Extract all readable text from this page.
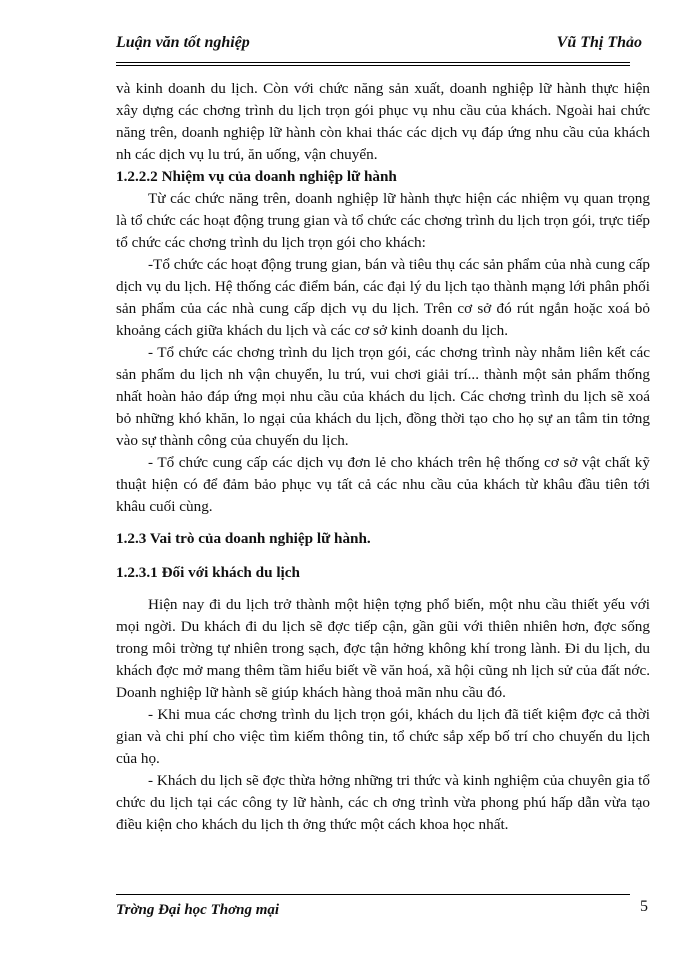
Luận văn tốt nghiệp	Vũ Thị Thảo

và kinh doanh du lịch. Còn với chức năng sản xuất, doanh nghiệp lữ hành thực hiện xây dựng các chơng trình du lịch trọn gói phục vụ nhu cầu của khách. Ngoài hai chức năng trên, doanh nghiệp lữ hành còn khai thác các dịch vụ đáp ứng nhu cầu của khách nh các dịch vụ lu trú, ăn uống, vận chuyển.

1.2.2.2 Nhiệm vụ của doanh nghiệp lữ hành

Từ các chức năng trên, doanh nghiệp lữ hành thực hiện các nhiệm vụ quan trọng là tổ chức các hoạt động trung gian và tổ chức các chơng trình du lịch trọn gói, trực tiếp tổ chức các chơng trình du lịch trọn gói cho khách:

-Tổ chức các hoạt động trung gian, bán và tiêu thụ các sản phẩm của nhà cung cấp dịch vụ du lịch. Hệ thống các điểm bán, các đại lý du lịch tạo thành mạng lới phân phối sản phẩm của các nhà cung cấp dịch vụ du lịch. Trên cơ sở đó rút ngắn hoặc xoá bỏ khoảng cách giữa khách du lịch và các cơ sở kinh doanh du lịch.

- Tổ chức các chơng trình du lịch trọn gói, các chơng trình này nhằm liên kết các sản phẩm du lịch nh vận chuyển, lu trú, vui chơi giải trí... thành một sản phẩm thống nhất hoàn hảo đáp ứng mọi nhu cầu của khách du lịch. Các chơng trình du lịch sẽ xoá bỏ những khó khăn, lo ngại của khách du lịch, đồng thời tạo cho họ sự an tâm tin tởng vào sự thành công của chuyến du lịch.

- Tổ chức cung cấp các dịch vụ đơn lẻ cho khách trên hệ thống cơ sở vật chất kỹ thuật hiện có để đảm bảo phục vụ tất cả các nhu cầu của khách từ khâu đầu tiên tới khâu cuối cùng.

1.2.3 Vai trò của doanh nghiệp lữ hành.

1.2.3.1 Đối với khách du lịch

Hiện nay đi du lịch trở thành một hiện tợng phổ biến, một nhu cầu thiết yếu với mọi ngời. Du khách đi du lịch sẽ đợc tiếp cận, gần gũi với thiên nhiên hơn, đợc sống trong môi trờng tự nhiên trong sạch, đợc tận hởng không khí trong lành. Đi du lịch, du khách đợc mở mang thêm tầm hiểu biết về văn hoá, xã hội cũng nh lịch sử của đất nớc. Doanh nghiệp lữ hành sẽ giúp khách hàng thoả mãn nhu cầu đó.

- Khi mua các chơng trình du lịch trọn gói, khách du lịch đã tiết kiệm đợc cả thời gian và chi phí cho việc tìm kiếm thông tin, tổ chức sắp xếp bố trí cho chuyến du lịch của họ.

- Khách du lịch sẽ đợc thừa hởng những tri thức và kinh nghiệm của chuyên gia tổ chức du lịch tại các công ty lữ hành, các ch ơng trình vừa phong phú hấp dẫn vừa tạo điều kiện cho khách du lịch th ởng thức một cách khoa học nhất.

Trờng Đại học Thơng mại	5
